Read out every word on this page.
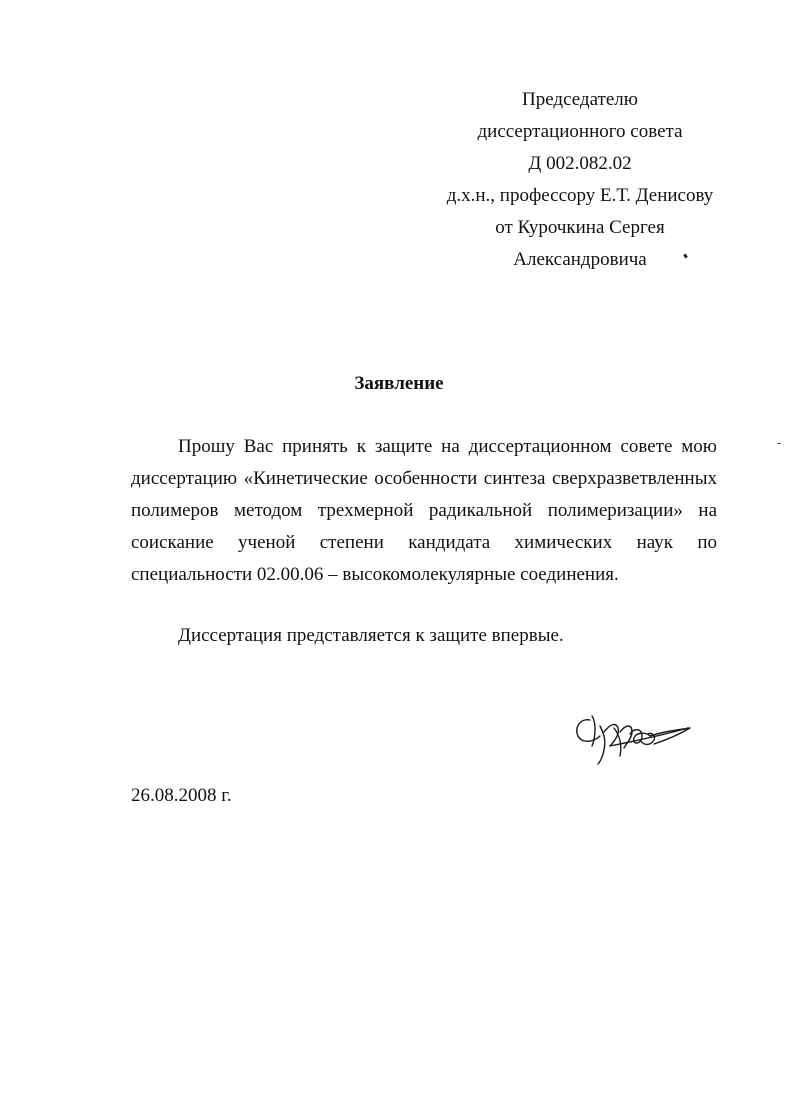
Председателю
диссертационного совета
Д 002.082.02
д.х.н., профессору Е.Т. Денисову
от Курочкина Сергея
Александровича
Заявление

Прошу Вас принять к защите на диссертационном совете мою диссертацию «Кинетические особенности синтеза сверхразветвленных полимеров методом трехмерной радикальной полимеризации» на соискание ученой степени кандидата химических наук по специальности 02.00.06 – высокомолекулярные соединения.

Диссертация представляется к защите впервые.

26.08.2008 г.
